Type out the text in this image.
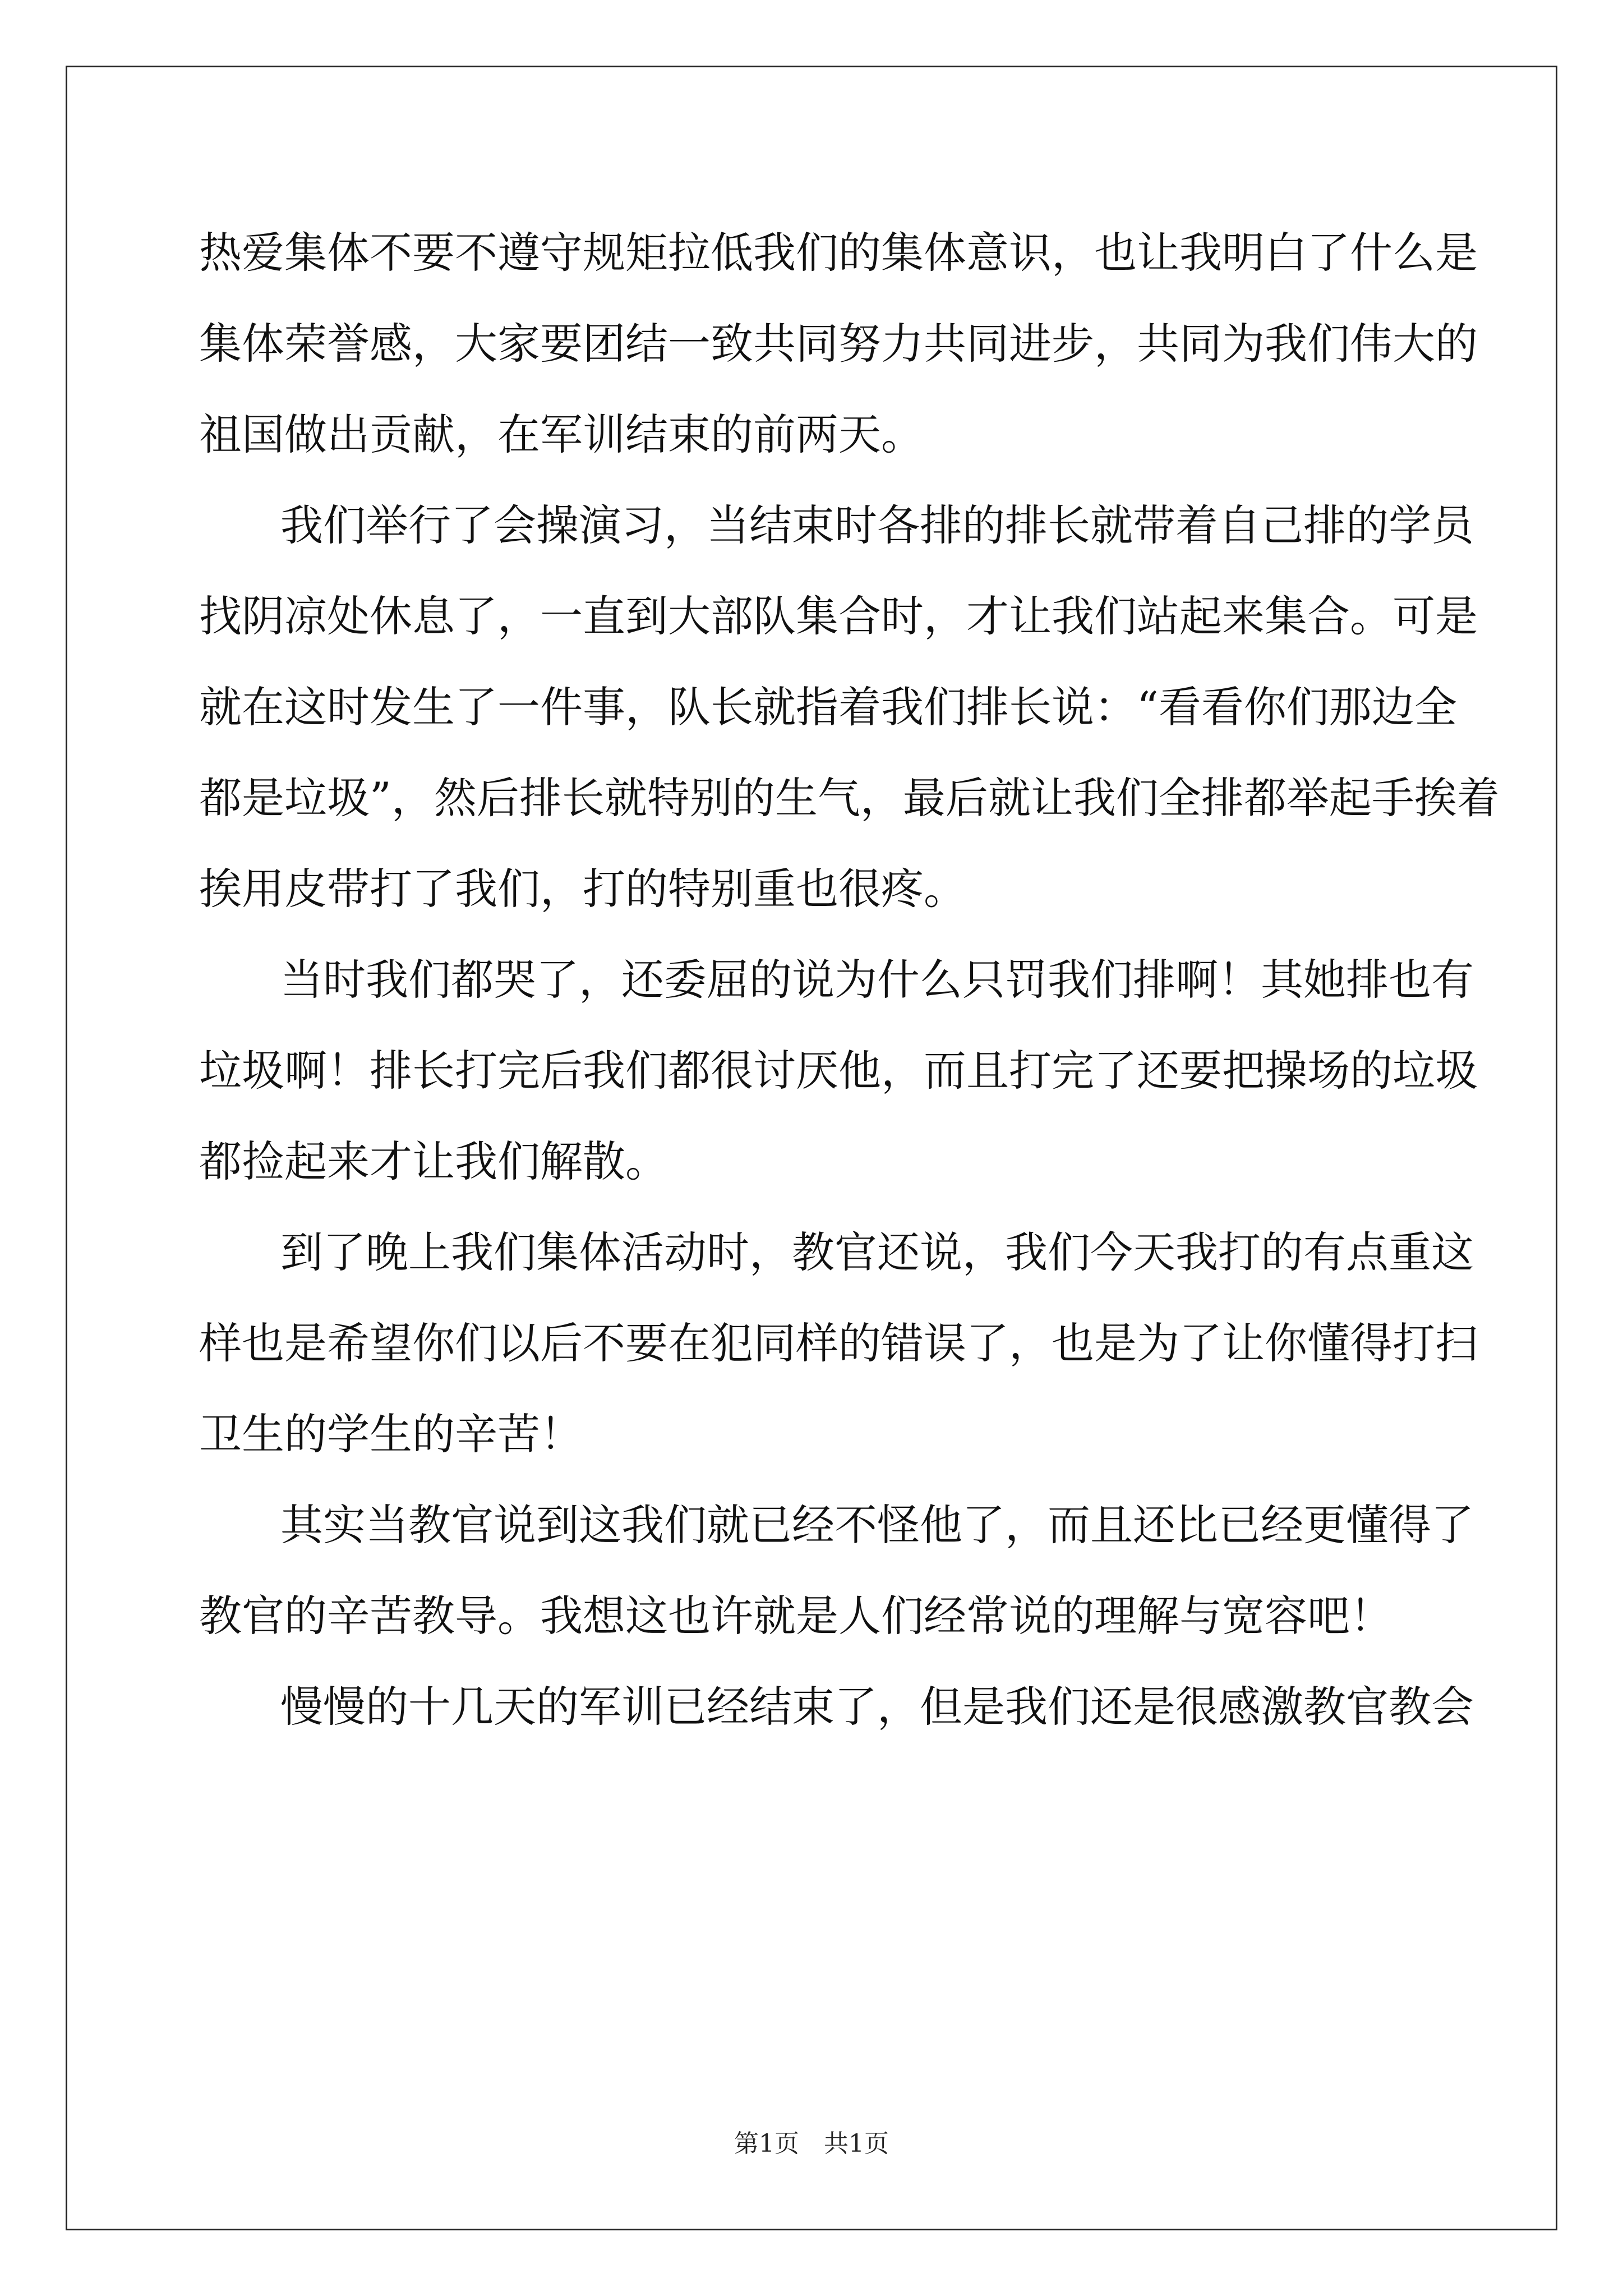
热爱集体不要不遵守规矩拉低我们的集体意识，也让我明白了什么是
集体荣誉感，大家要团结一致共同努力共同进步，共同为我们伟大的
祖国做出贡献，在军训结束的前两天。
我们举行了会操演习，当结束时各排的排长就带着自己排的学员
找阴凉处休息了，一直到大部队集合时，才让我们站起来集合。可是
就在这时发生了一件事，队长就指着我们排长说：“看看你们那边全
都是垃圾”，然后排长就特别的生气，最后就让我们全排都举起手挨着
挨用皮带打了我们，打的特别重也很疼。
当时我们都哭了，还委屈的说为什么只罚我们排啊！其她排也有
垃圾啊！排长打完后我们都很讨厌他，而且打完了还要把操场的垃圾
都捡起来才让我们解散。
到了晚上我们集体活动时，教官还说，我们今天我打的有点重这
样也是希望你们以后不要在犯同样的错误了，也是为了让你懂得打扫
卫生的学生的辛苦！
其实当教官说到这我们就已经不怪他了，而且还比已经更懂得了
教官的辛苦教导。我想这也许就是人们经常说的理解与宽容吧！
慢慢的十几天的军训已经结束了，但是我们还是很感激教官教会
第1页 共1页
